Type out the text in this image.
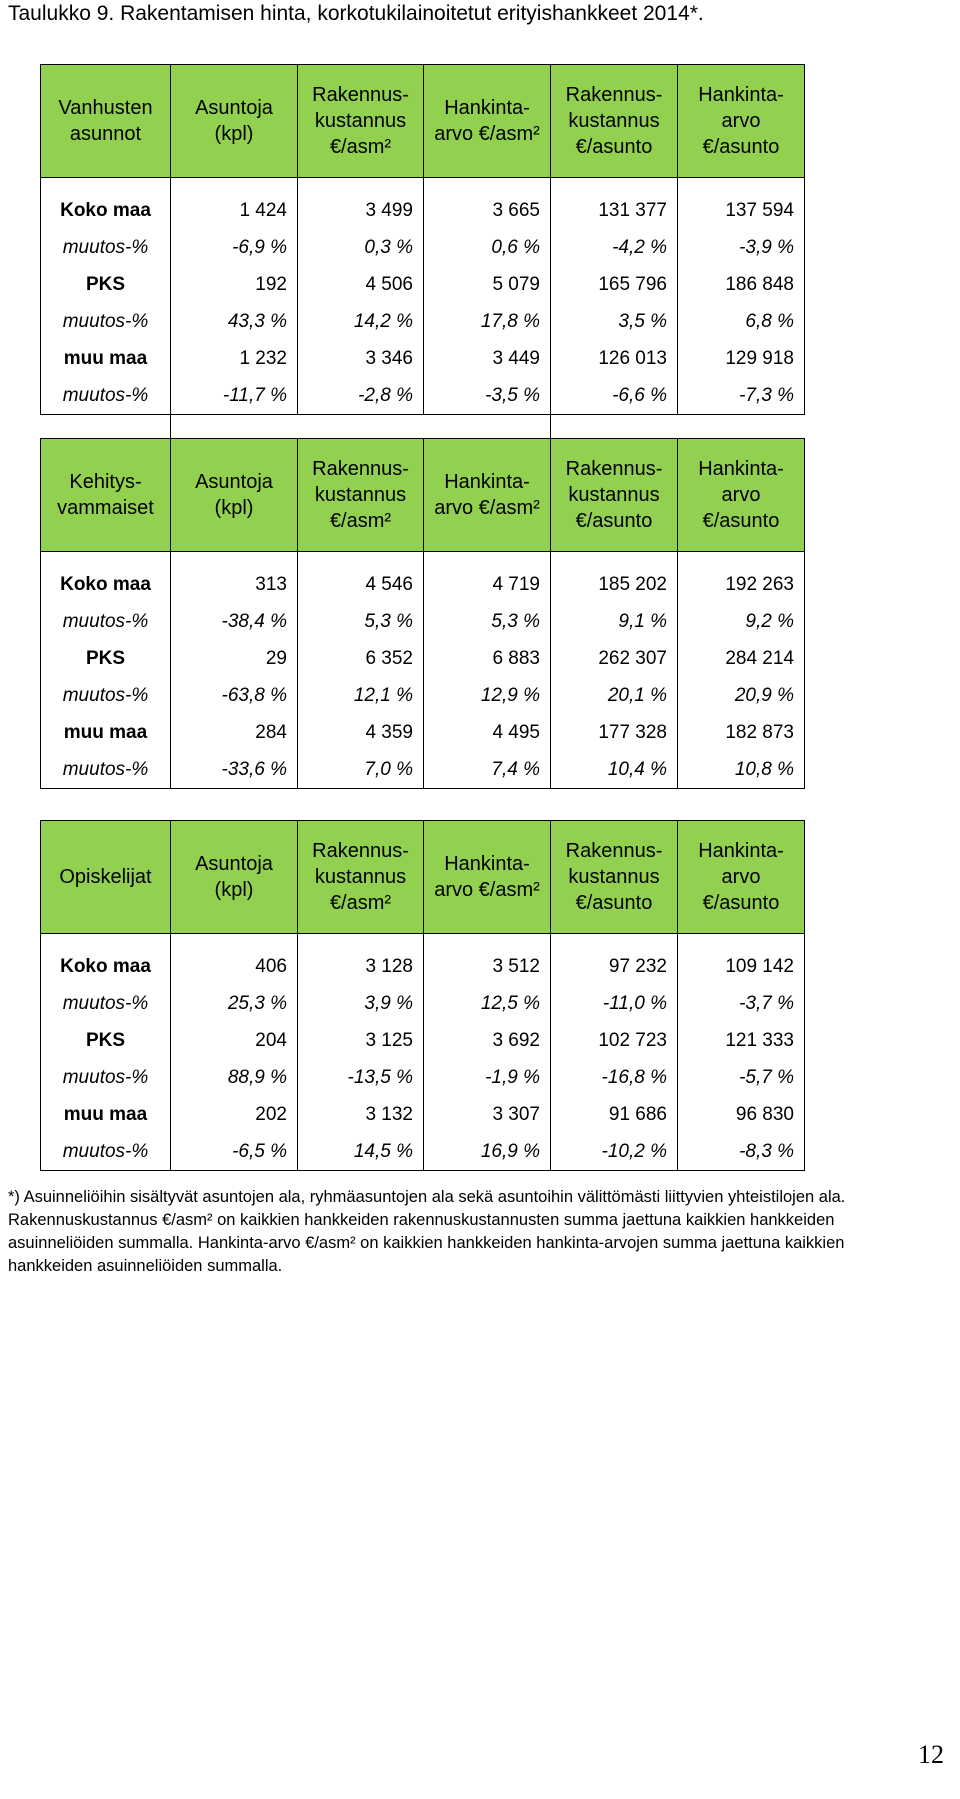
Taulukko 9. Rakentamisen hinta, korkotukilainoitetut erityishankkeet 2014*.
Vanhusten asunnot	Asuntoja (kpl)	Rakennus-kustannus €/asm²	Hankinta-arvo €/asm²	Rakennus-kustannus €/asunto	Hankinta-arvo €/asunto

Koko maa	1 424	3 499	3 665	131 377	137 594
muutos-%	-6,9 %	0,3 %	0,6 %	-4,2 %	-3,9 %
PKS	192	4 506	5 079	165 796	186 848
muutos-%	43,3 %	14,2 %	17,8 %	3,5 %	6,8 %
muu maa	1 232	3 346	3 449	126 013	129 918
muutos-%	-11,7 %	-2,8 %	-3,5 %	-6,6 %	-7,3 %
Kehitys-vammaiset	Asuntoja (kpl)	Rakennus-kustannus €/asm²	Hankinta-arvo €/asm²	Rakennus-kustannus €/asunto	Hankinta-arvo €/asunto

Koko maa	313	4 546	4 719	185 202	192 263
muutos-%	-38,4 %	5,3 %	5,3 %	9,1 %	9,2 %
PKS	29	6 352	6 883	262 307	284 214
muutos-%	-63,8 %	12,1 %	12,9 %	20,1 %	20,9 %
muu maa	284	4 359	4 495	177 328	182 873
muutos-%	-33,6 %	7,0 %	7,4 %	10,4 %	10,8 %
Opiskelijat	Asuntoja (kpl)	Rakennus-kustannus €/asm²	Hankinta-arvo €/asm²	Rakennus-kustannus €/asunto	Hankinta-arvo €/asunto

Koko maa	406	3 128	3 512	97 232	109 142
muutos-%	25,3 %	3,9 %	12,5 %	-11,0 %	-3,7 %
PKS	204	3 125	3 692	102 723	121 333
muutos-%	88,9 %	-13,5 %	-1,9 %	-16,8 %	-5,7 %
muu maa	202	3 132	3 307	91 686	96 830
muutos-%	-6,5 %	14,5 %	16,9 %	-10,2 %	-8,3 %
*) Asuinneliöihin sisältyvät asuntojen ala, ryhmäasuntojen ala sekä asuntoihin välittömästi liittyvien yhteistilojen ala. Rakennuskustannus €/asm² on kaikkien hankkeiden rakennuskustannusten summa jaettuna kaikkien hankkeiden asuinneliöiden summalla. Hankinta-arvo €/asm² on kaikkien hankkeiden hankinta-arvojen summa jaettuna kaikkien hankkeiden asuinneliöiden summalla.
12
